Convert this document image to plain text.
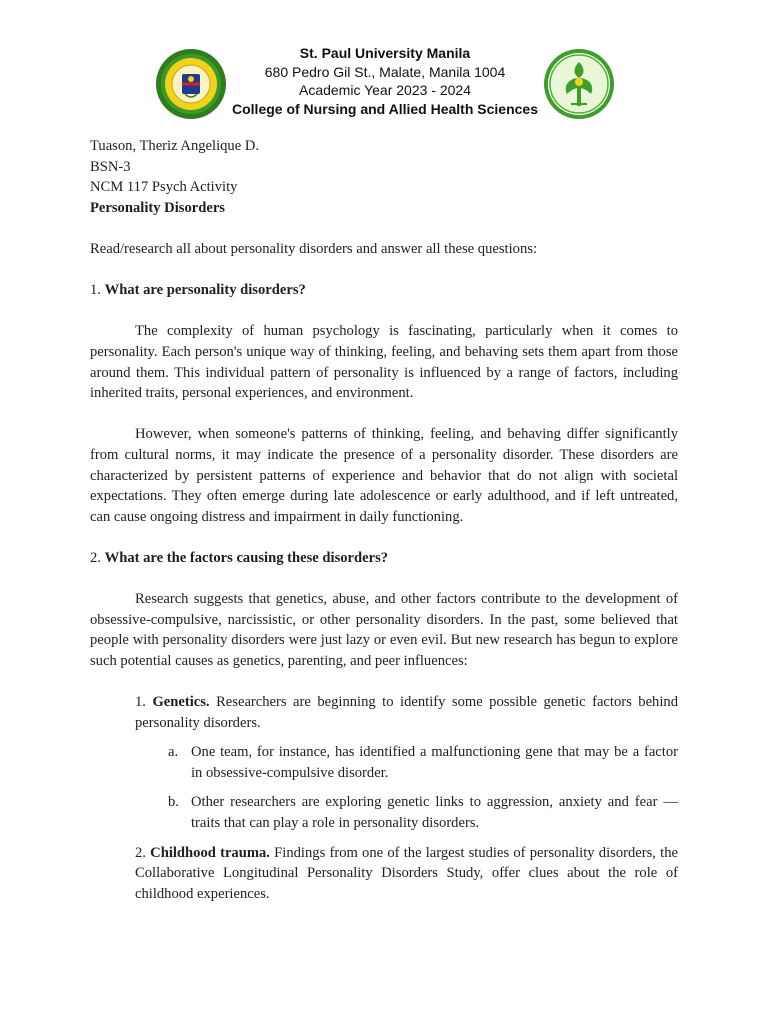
St. Paul University Manila
680 Pedro Gil St., Malate, Manila 1004
Academic Year 2023 - 2024
College of Nursing and Allied Health Sciences

Tuason, Theriz Angelique D.

BSN-3

NCM 117 Psych Activity

Personality Disorders

Read/research all about personality disorders and answer all these questions:

1. What are personality disorders?

The complexity of human psychology is fascinating, particularly when it comes to personality. Each person's unique way of thinking, feeling, and behaving sets them apart from those around them. This individual pattern of personality is influenced by a range of factors, including inherited traits, personal experiences, and environment.

However, when someone's patterns of thinking, feeling, and behaving differ significantly from cultural norms, it may indicate the presence of a personality disorder. These disorders are characterized by persistent patterns of experience and behavior that do not align with societal expectations. They often emerge during late adolescence or early adulthood, and if left untreated, can cause ongoing distress and impairment in daily functioning.

2. What are the factors causing these disorders?

Research suggests that genetics, abuse, and other factors contribute to the development of obsessive-compulsive, narcissistic, or other personality disorders. In the past, some believed that people with personality disorders were just lazy or even evil. But new research has begun to explore such potential causes as genetics, parenting, and peer influences:

1. Genetics. Researchers are beginning to identify some possible genetic factors behind personality disorders.
a. One team, for instance, has identified a malfunctioning gene that may be a factor in obsessive-compulsive disorder.
b. Other researchers are exploring genetic links to aggression, anxiety and fear — traits that can play a role in personality disorders.
2. Childhood trauma. Findings from one of the largest studies of personality disorders, the Collaborative Longitudinal Personality Disorders Study, offer clues about the role of childhood experiences.
